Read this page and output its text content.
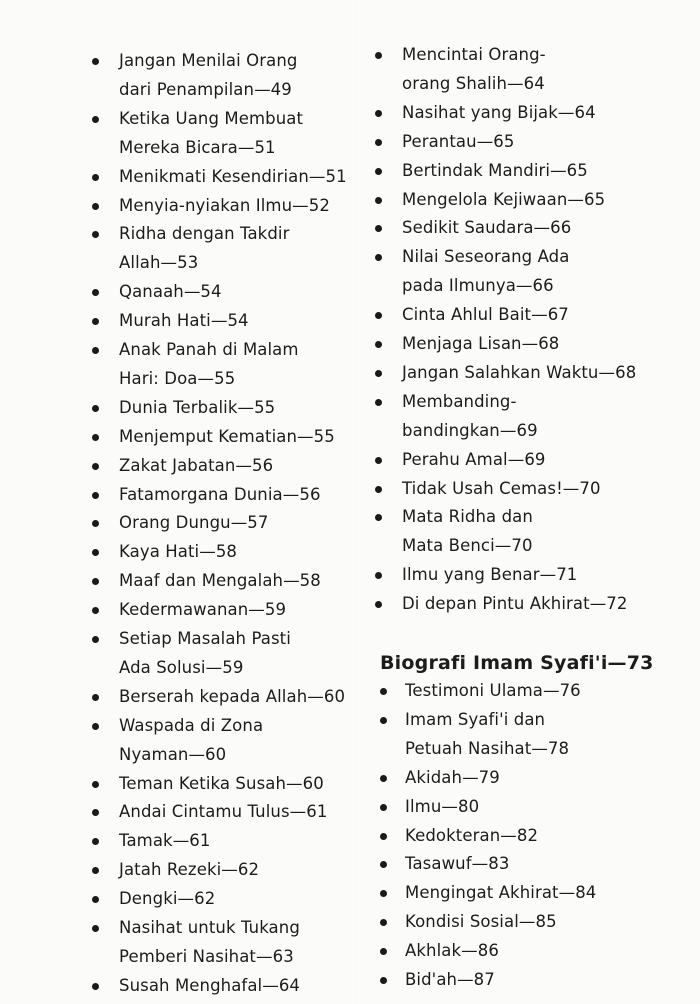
Jangan Menilai Orang
dari Penampilan—49
Ketika Uang Membuat
Mereka Bicara—51
Menikmati Kesendirian—51
Menyia-nyiakan Ilmu—52
Ridha dengan Takdir
Allah—53
Qanaah—54
Murah Hati—54
Anak Panah di Malam
Hari: Doa—55
Dunia Terbalik—55
Menjemput Kematian—55
Zakat Jabatan—56
Fatamorgana Dunia—56
Orang Dungu—57
Kaya Hati—58
Maaf dan Mengalah—58
Kedermawanan—59
Setiap Masalah Pasti
Ada Solusi—59
Berserah kepada Allah—60
Waspada di Zona
Nyaman—60
Teman Ketika Susah—60
Andai Cintamu Tulus—61
Tamak—61
Jatah Rezeki—62
Dengki—62
Nasihat untuk Tukang
Pemberi Nasihat—63
Susah Menghafal—64
Biografi Imam Syafi'i—73
Mencintai Orang-
orang Shalih—64
Nasihat yang Bijak—64
Perantau—65
Bertindak Mandiri—65
Mengelola Kejiwaan—65
Sedikit Saudara—66
Nilai Seseorang Ada
pada Ilmunya—66
Cinta Ahlul Bait—67
Menjaga Lisan—68
Jangan Salahkan Waktu—68
Membanding-
bandingkan—69
Perahu Amal—69
Tidak Usah Cemas!—70
Mata Ridha dan
Mata Benci—70
Ilmu yang Benar—71
Di depan Pintu Akhirat—72
Testimoni Ulama—76
Imam Syafi'i dan
Petuah Nasihat—78
Akidah—79
Ilmu—80
Kedokteran—82
Tasawuf—83
Mengingat Akhirat—84
Kondisi Sosial—85
Akhlak—86
Bid'ah—87
